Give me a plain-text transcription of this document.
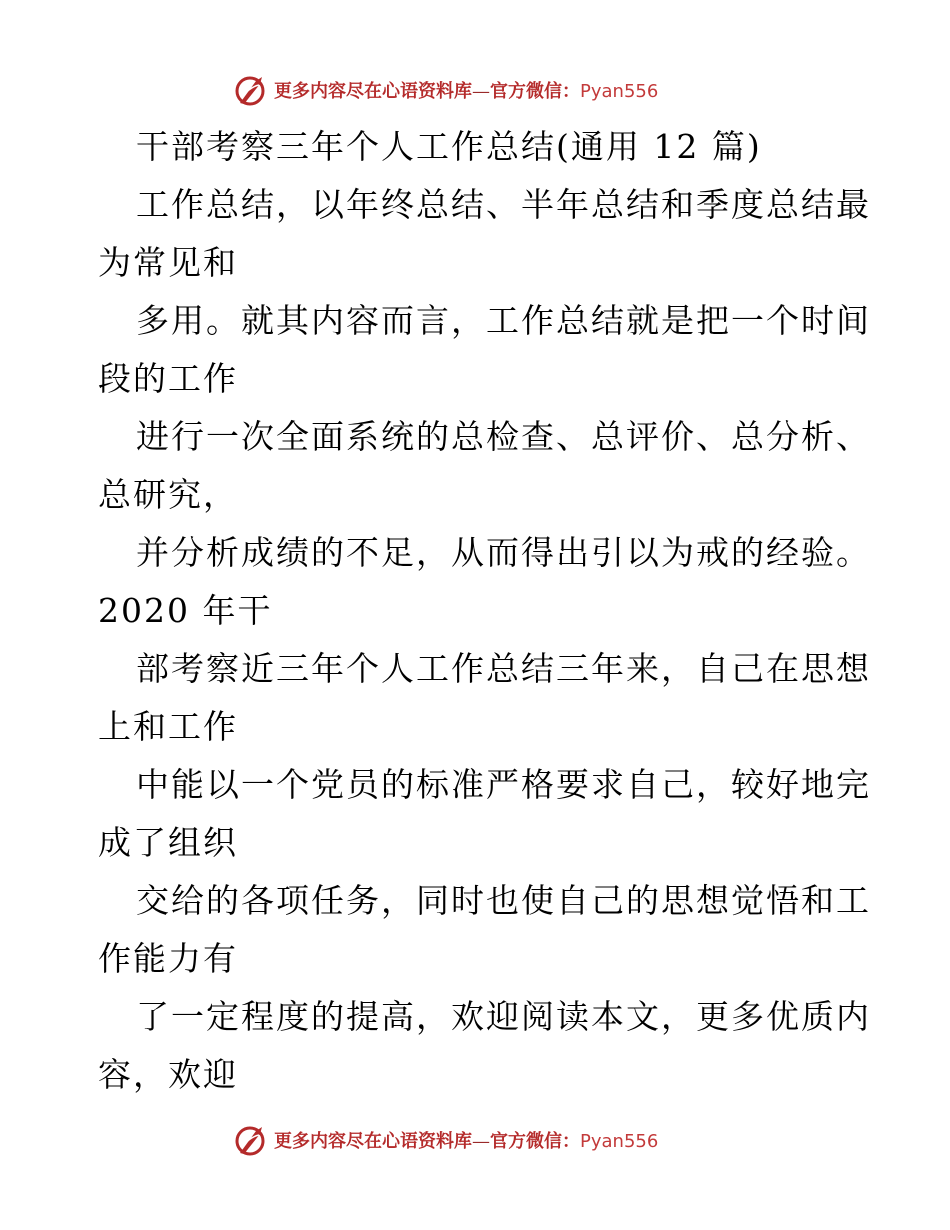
更多内容尽在心语资料库—官方微信：Pyan556
干部考察三年个人工作总结(通用 12 篇)
工作总结，以年终总结、半年总结和季度总结最
为常见和
多用。就其内容而言，工作总结就是把一个时间
段的工作
进行一次全面系统的总检查、总评价、总分析、
总研究，
并分析成绩的不足，从而得出引以为戒的经验。
2020 年干
部考察近三年个人工作总结三年来，自己在思想
上和工作
中能以一个党员的标准严格要求自己，较好地完
成了组织
交给的各项任务，同时也使自己的思想觉悟和工
作能力有
了一定程度的提高，欢迎阅读本文，更多优质内
容，欢迎
更多内容尽在心语资料库—官方微信：Pyan556
